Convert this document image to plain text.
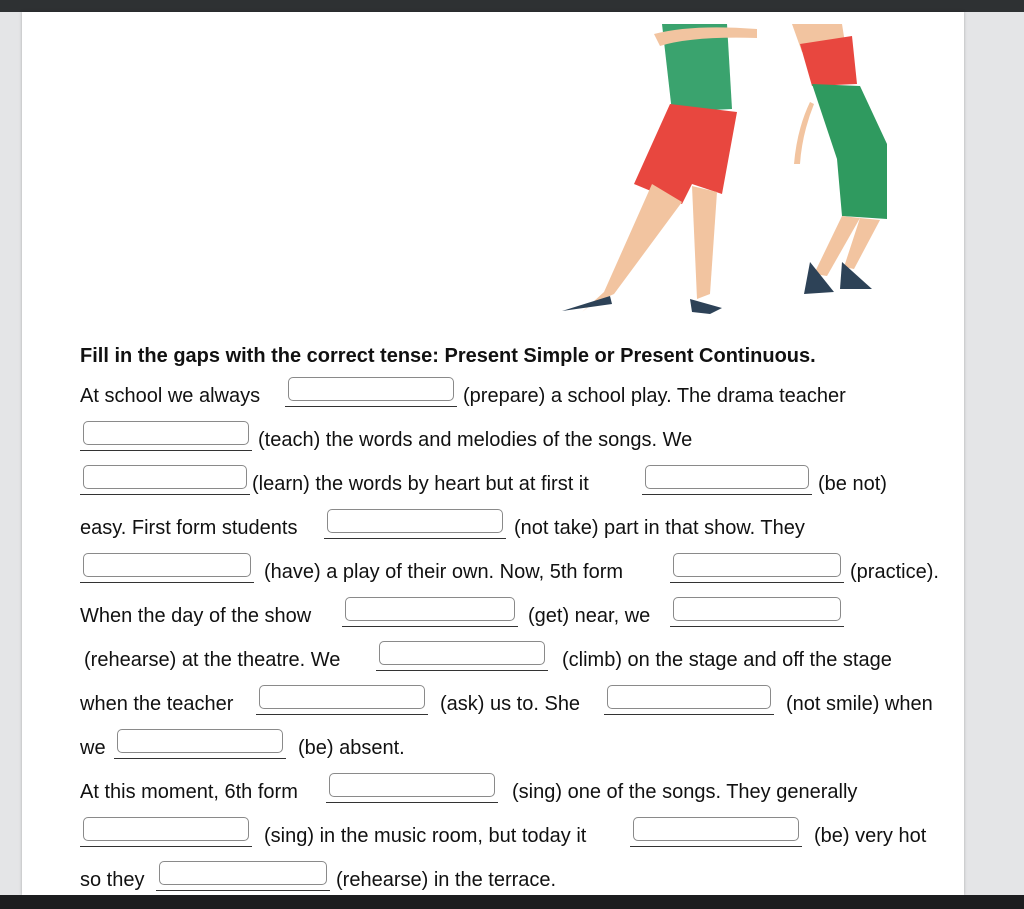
Fill in the gaps with the correct tense: Present Simple or Present Continuous.
At school we always	(prepare) a school play. The drama teacher
(teach) the words and melodies of the songs. We
(learn) the words by heart but at first it	(be not)
easy. First form students	(not take) part in that show. They
(have) a play of their own. Now, 5th form	(practice).
When the day of the show	(get) near, we
(rehearse) at the theatre. We	(climb) on the stage and off the stage
when the teacher	(ask) us to. She	(not smile) when
we	(be) absent.
At this moment, 6th form	(sing) one of the songs. They generally
(sing) in the music room, but today it	(be) very hot
so they	(rehearse) in the terrace.
